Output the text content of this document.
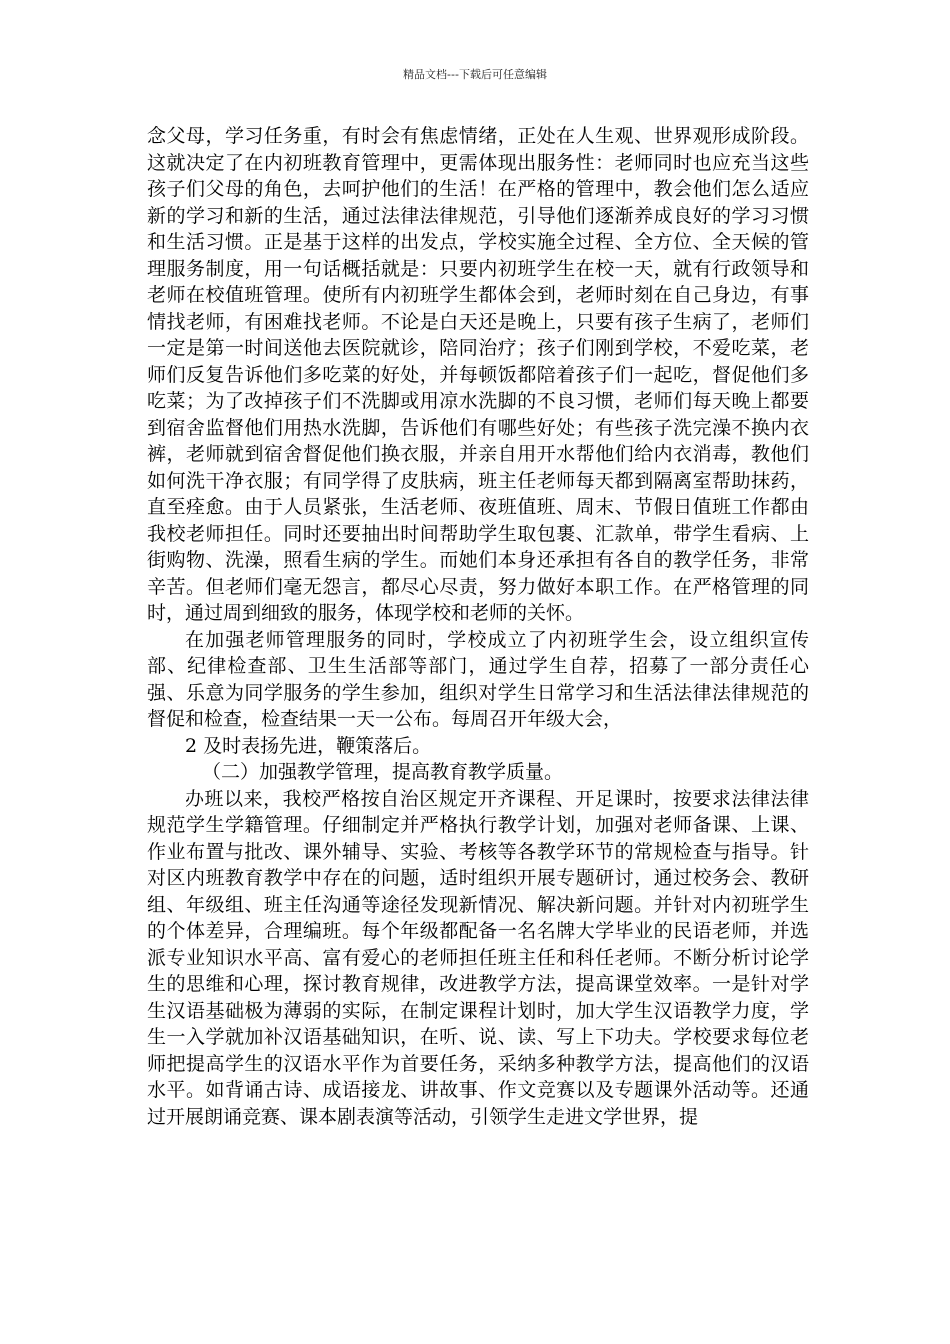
精品文档---下载后可任意编辑

念父母，学习任务重，有时会有焦虑情绪，正处在人生观、世界观形成阶段。这就决定了在内初班教育管理中，更需体现出服务性：老师同时也应充当这些孩子们父母的角色，去呵护他们的生活！在严格的管理中，教会他们怎么适应新的学习和新的生活，通过法律法律规范，引导他们逐渐养成良好的学习习惯和生活习惯。正是基于这样的出发点，学校实施全过程、全方位、全天候的管理服务制度，用一句话概括就是：只要内初班学生在校一天，就有行政领导和老师在校值班管理。使所有内初班学生都体会到，老师时刻在自己身边，有事情找老师，有困难找老师。不论是白天还是晚上，只要有孩子生病了，老师们一定是第一时间送他去医院就诊，陪同治疗；孩子们刚到学校，不爱吃菜，老师们反复告诉他们多吃菜的好处，并每顿饭都陪着孩子们一起吃，督促他们多吃菜；为了改掉孩子们不洗脚或用凉水洗脚的不良习惯，老师们每天晚上都要到宿舍监督他们用热水洗脚，告诉他们有哪些好处；有些孩子洗完澡不换内衣裤，老师就到宿舍督促他们换衣服，并亲自用开水帮他们给内衣消毒，教他们如何洗干净衣服；有同学得了皮肤病，班主任老师每天都到隔离室帮助抹药，直至痊愈。由于人员紧张，生活老师、夜班值班、周末、节假日值班工作都由我校老师担任。同时还要抽出时间帮助学生取包裹、汇款单，带学生看病、上街购物、洗澡，照看生病的学生。而她们本身还承担有各自的教学任务，非常辛苦。但老师们毫无怨言，都尽心尽责，努力做好本职工作。在严格管理的同时，通过周到细致的服务，体现学校和老师的关怀。

在加强老师管理服务的同时，学校成立了内初班学生会，设立组织宣传部、纪律检查部、卫生生活部等部门，通过学生自荐，招募了一部分责任心强、乐意为同学服务的学生参加，组织对学生日常学习和生活法律法律规范的督促和检查，检查结果一天一公布。每周召开年级大会，

2 及时表扬先进，鞭策落后。

（二）加强教学管理，提高教育教学质量。

办班以来，我校严格按自治区规定开齐课程、开足课时，按要求法律法律规范学生学籍管理。仔细制定并严格执行教学计划，加强对老师备课、上课、作业布置与批改、课外辅导、实验、考核等各教学环节的常规检查与指导。针对区内班教育教学中存在的问题，适时组织开展专题研讨，通过校务会、教研组、年级组、班主任沟通等途径发现新情况、解决新问题。并针对内初班学生的个体差异，合理编班。每个年级都配备一名名牌大学毕业的民语老师，并选派专业知识水平高、富有爱心的老师担任班主任和科任老师。不断分析讨论学生的思维和心理，探讨教育规律，改进教学方法，提高课堂效率。一是针对学生汉语基础极为薄弱的实际，在制定课程计划时，加大学生汉语教学力度，学生一入学就加补汉语基础知识，在听、说、读、写上下功夫。学校要求每位老师把提高学生的汉语水平作为首要任务，采纳多种教学方法，提高他们的汉语水平。如背诵古诗、成语接龙、讲故事、作文竞赛以及专题课外活动等。还通过开展朗诵竞赛、课本剧表演等活动，引领学生走进文学世界，提
